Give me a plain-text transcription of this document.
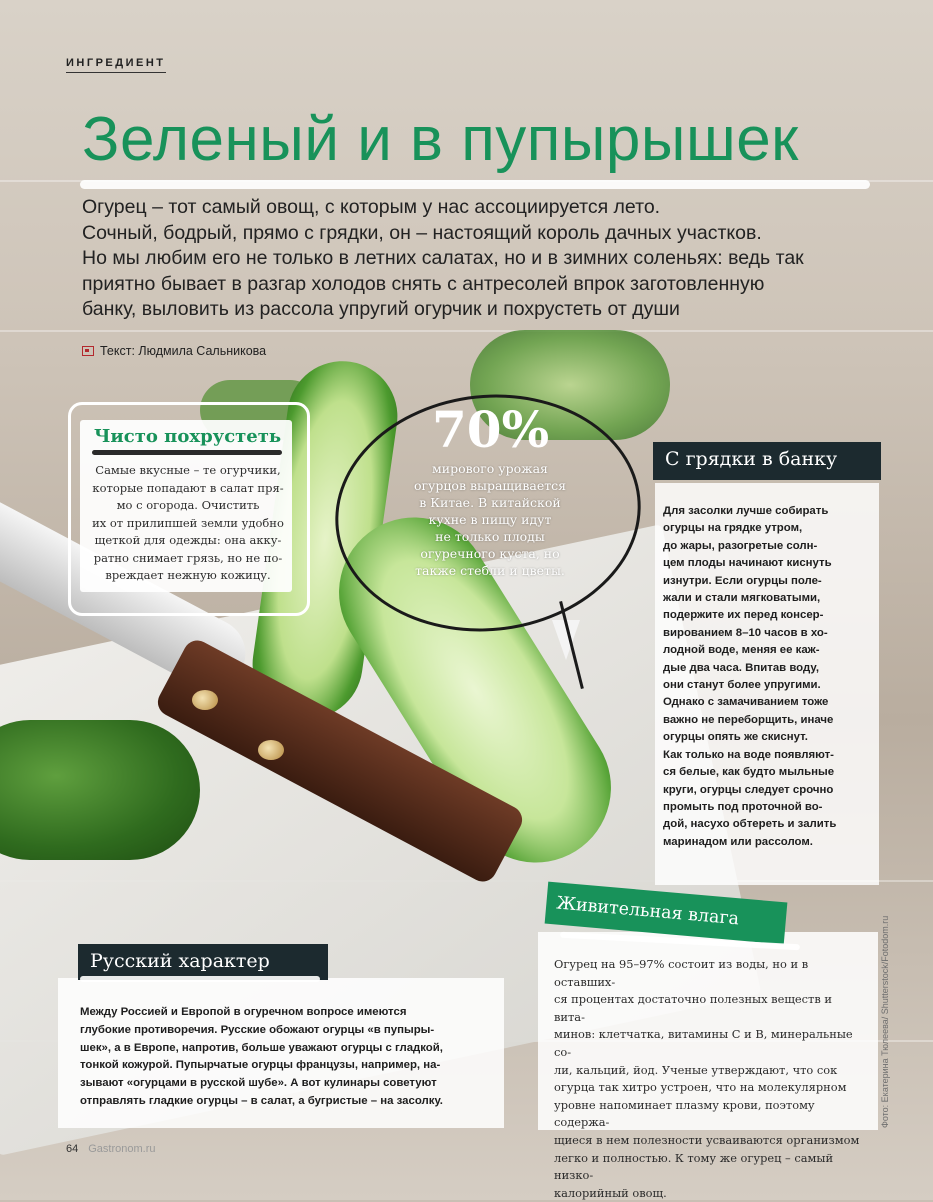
ИНГРЕДИЕНТ
Зеленый и в пупырышек

Огурец – тот самый овощ, с которым у нас ассоциируется лето.

Сочный, бодрый, прямо с грядки, он – настоящий король дачных участков.

Но мы любим его не только в летних салатах, но и в зимних соленьях: ведь так

приятно бывает в разгар холодов снять с антресолей впрок заготовленную

банку, выловить из рассола упругий огурчик и похрустеть от души

Текст: Людмила Сальникова
Чисто похрустеть
Самые вкусные – те огурчики,
которые попадают в салат пря-
мо с огорода. Очистить
их от прилипшей земли удобно
щеткой для одежды: она акку-
ратно снимает грязь, но не по-
вреждает нежную кожицу.
70%
мирового урожая
огурцов выращивается
в Китае. В китайской
кухне в пищу идут
не только плоды
огуречного куста, но
также стебли и цветы.
С грядки в банку
Для засолки лучше собирать
огурцы на грядке утром,
до жары, разогретые солн-
цем плоды начинают киснуть
изнутри. Если огурцы поле-
жали и стали мягковатыми,
подержите их перед консер-
вированием 8–10 часов в хо-
лодной воде, меняя ее каж-
дые два часа. Впитав воду,
они станут более упругими.
Однако с замачиванием тоже
важно не переборщить, иначе
огурцы опять же скиснут.
Как только на воде появляют-
ся белые, как будто мыльные
круги, огурцы следует срочно
промыть под проточной во-
дой, насухо обтереть и залить
маринадом или рассолом.
Между Россией и Европой в огуречном вопросе имеются
глубокие противоречия. Русские обожают огурцы «в пупыры-
шек», а в Европе, напротив, больше уважают огурцы с гладкой,
тонкой кожурой. Пупырчатые огурцы французы, например, на-
зывают «огурцами в русской шубе». А вот кулинары советуют
отправлять гладкие огурцы – в салат, а бугристые – на засолку.
Русский характер	Огурец на 95–97% состоит из воды, но и в оставших-
ся процентах достаточно полезных веществ и вита-
минов: клетчатка, витамины С и В, минеральные со-
ли, кальций, йод. Ученые утверждают, что сок
огурца так хитро устроен, что на молекулярном
уровне напоминает плазму крови, поэтому содержа-
щиеся в нем полезности усваиваются организмом
легко и полностью. К тому же огурец – самый низко-
калорийный овощ.
Живительная влага
Фото: Екатерина Тюлеева/ Shutterstock/Fotodom.ru
64 Gastronom.ru
